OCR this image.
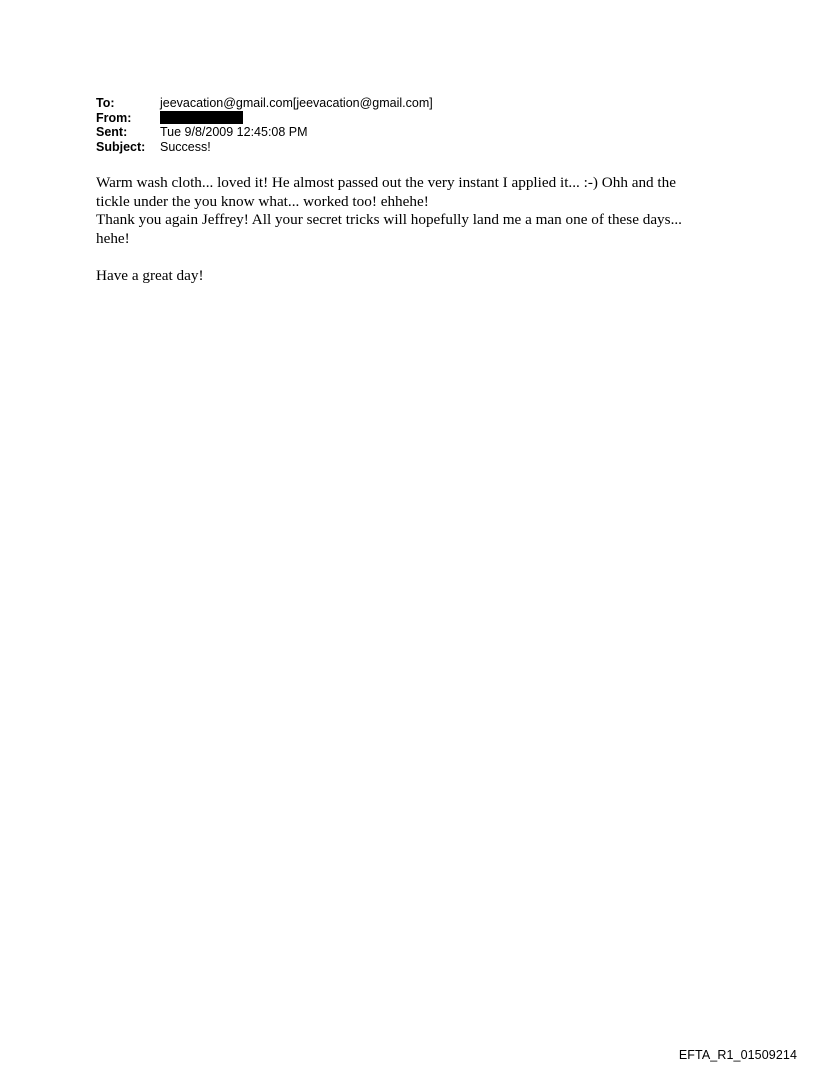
To:	jeevacation@gmail.com[jeevacation@gmail.com]
From:
Sent:	Tue 9/8/2009 12:45:08 PM
Subject:	Success!

Warm wash cloth... loved it! He almost passed out the very instant I applied it... :-) Ohh and the

tickle under the you know what... worked too! ehhehe!

Thank you again Jeffrey! All your secret tricks will hopefully land me a man one of these days...

hehe!

Have a great day!

EFTA_R1_01509214
